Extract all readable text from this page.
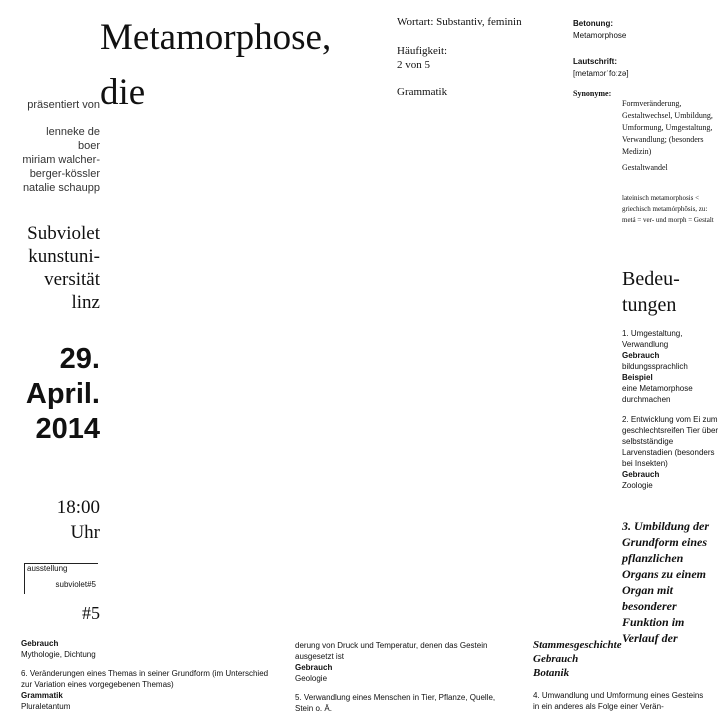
Metamorphose,
die
präsentiert von
lenneke de
boer
miriam walcher-
berger-kössler
natalie schaupp
Subviolet
kunstuni-
versität
linz
29.
April.
2014
18:00
Uhr
ausstellung
subviolet#5
#5
Wortart: Substantiv, feminin
Häufigkeit:
2 von 5
Grammatik
Betonung:
Metamorphose
Lautschrift:
[metamɔrˈfoːzə]
Synonyme:
Formveränderung, Gestaltwechsel, Umbildung, Umformung, Umgestaltung, Verwandlung; (besonders Medizin)
Gestaltwandel
lateinisch metamorphosis < griechisch metamórphōsis, zu: metá = ver- und morph = Gestalt
Bedeu-
tungen

1. Umgestaltung, Verwandlung
Gebrauch
bildungssprachlich
Beispiel
eine Metamorphose durchmachen

2. Entwicklung vom Ei zum geschlechtsreifen Tier über selbstständige Larvenstadien (besonders bei Insekten)
Gebrauch
Zoologie

3. Umbildung der Grundform eines pflanzlichen Organs zu einem Organ mit besonderer Funktion im Verlauf der

Gebrauch
Mythologie, Dichtung

6. Veränderungen eines Themas in seiner Grundform (im Unterschied zur Variation eines vorgegebenen Themas)
Grammatik
Pluraletantum

derung von Druck und Temperatur, denen das Gestein ausgesetzt ist
Gebrauch
Geologie

5. Verwandlung eines Menschen in Tier, Pflanze, Quelle, Stein o. Ä.

Stammesgeschichte
Gebrauch
Botanik

4. Umwandlung und Umformung eines Gesteins in ein anderes als Folge einer Verän-
